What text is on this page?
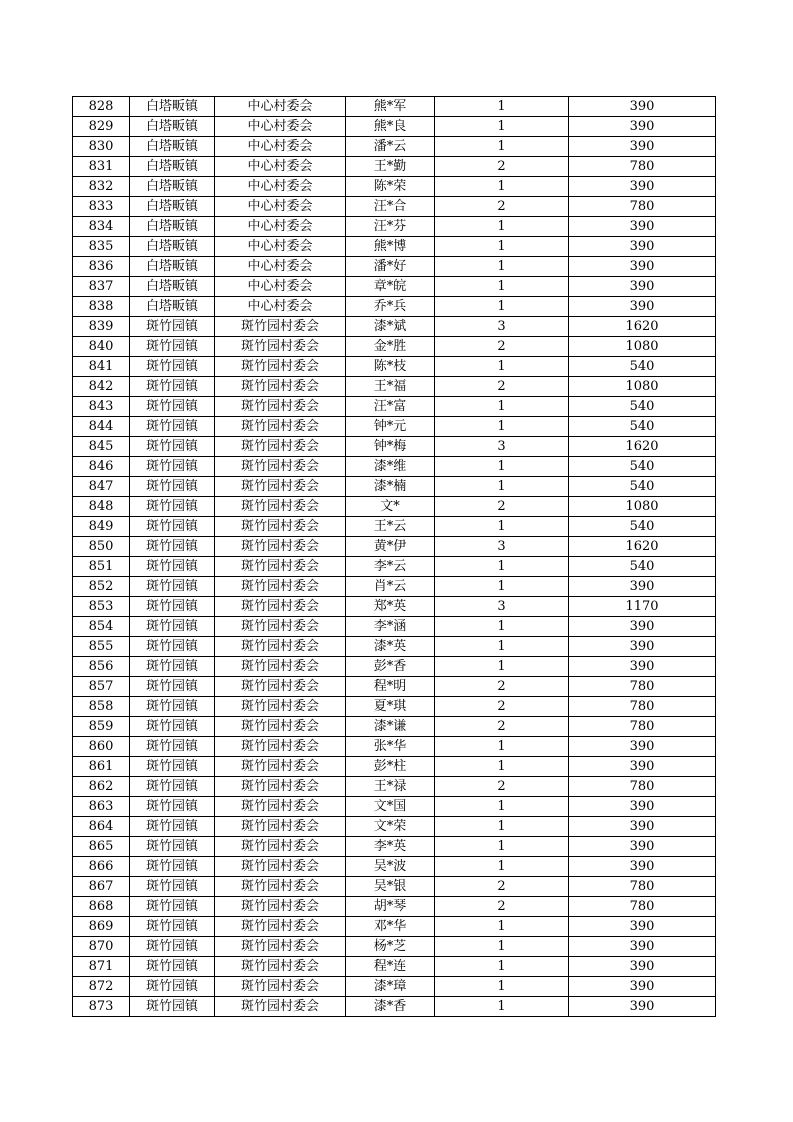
828	白塔畈镇	中心村委会	熊*军	1	390
829	白塔畈镇	中心村委会	熊*良	1	390
830	白塔畈镇	中心村委会	潘*云	1	390
831	白塔畈镇	中心村委会	王*勤	2	780
832	白塔畈镇	中心村委会	陈*荣	1	390
833	白塔畈镇	中心村委会	汪*合	2	780
834	白塔畈镇	中心村委会	汪*芬	1	390
835	白塔畈镇	中心村委会	熊*博	1	390
836	白塔畈镇	中心村委会	潘*好	1	390
837	白塔畈镇	中心村委会	章*皖	1	390
838	白塔畈镇	中心村委会	乔*兵	1	390
839	斑竹园镇	斑竹园村委会	漆*斌	3	1620
840	斑竹园镇	斑竹园村委会	金*胜	2	1080
841	斑竹园镇	斑竹园村委会	陈*枝	1	540
842	斑竹园镇	斑竹园村委会	王*福	2	1080
843	斑竹园镇	斑竹园村委会	汪*富	1	540
844	斑竹园镇	斑竹园村委会	钟*元	1	540
845	斑竹园镇	斑竹园村委会	钟*梅	3	1620
846	斑竹园镇	斑竹园村委会	漆*维	1	540
847	斑竹园镇	斑竹园村委会	漆*楠	1	540
848	斑竹园镇	斑竹园村委会	文*	2	1080
849	斑竹园镇	斑竹园村委会	王*云	1	540
850	斑竹园镇	斑竹园村委会	黄*伊	3	1620
851	斑竹园镇	斑竹园村委会	李*云	1	540
852	斑竹园镇	斑竹园村委会	肖*云	1	390
853	斑竹园镇	斑竹园村委会	郑*英	3	1170
854	斑竹园镇	斑竹园村委会	李*涵	1	390
855	斑竹园镇	斑竹园村委会	漆*英	1	390
856	斑竹园镇	斑竹园村委会	彭*香	1	390
857	斑竹园镇	斑竹园村委会	程*明	2	780
858	斑竹园镇	斑竹园村委会	夏*琪	2	780
859	斑竹园镇	斑竹园村委会	漆*谦	2	780
860	斑竹园镇	斑竹园村委会	张*华	1	390
861	斑竹园镇	斑竹园村委会	彭*柱	1	390
862	斑竹园镇	斑竹园村委会	王*禄	2	780
863	斑竹园镇	斑竹园村委会	文*国	1	390
864	斑竹园镇	斑竹园村委会	文*荣	1	390
865	斑竹园镇	斑竹园村委会	李*英	1	390
866	斑竹园镇	斑竹园村委会	吴*波	1	390
867	斑竹园镇	斑竹园村委会	吴*银	2	780
868	斑竹园镇	斑竹园村委会	胡*琴	2	780
869	斑竹园镇	斑竹园村委会	邓*华	1	390
870	斑竹园镇	斑竹园村委会	杨*芝	1	390
871	斑竹园镇	斑竹园村委会	程*连	1	390
872	斑竹园镇	斑竹园村委会	漆*璋	1	390
873	斑竹园镇	斑竹园村委会	漆*香	1	390
